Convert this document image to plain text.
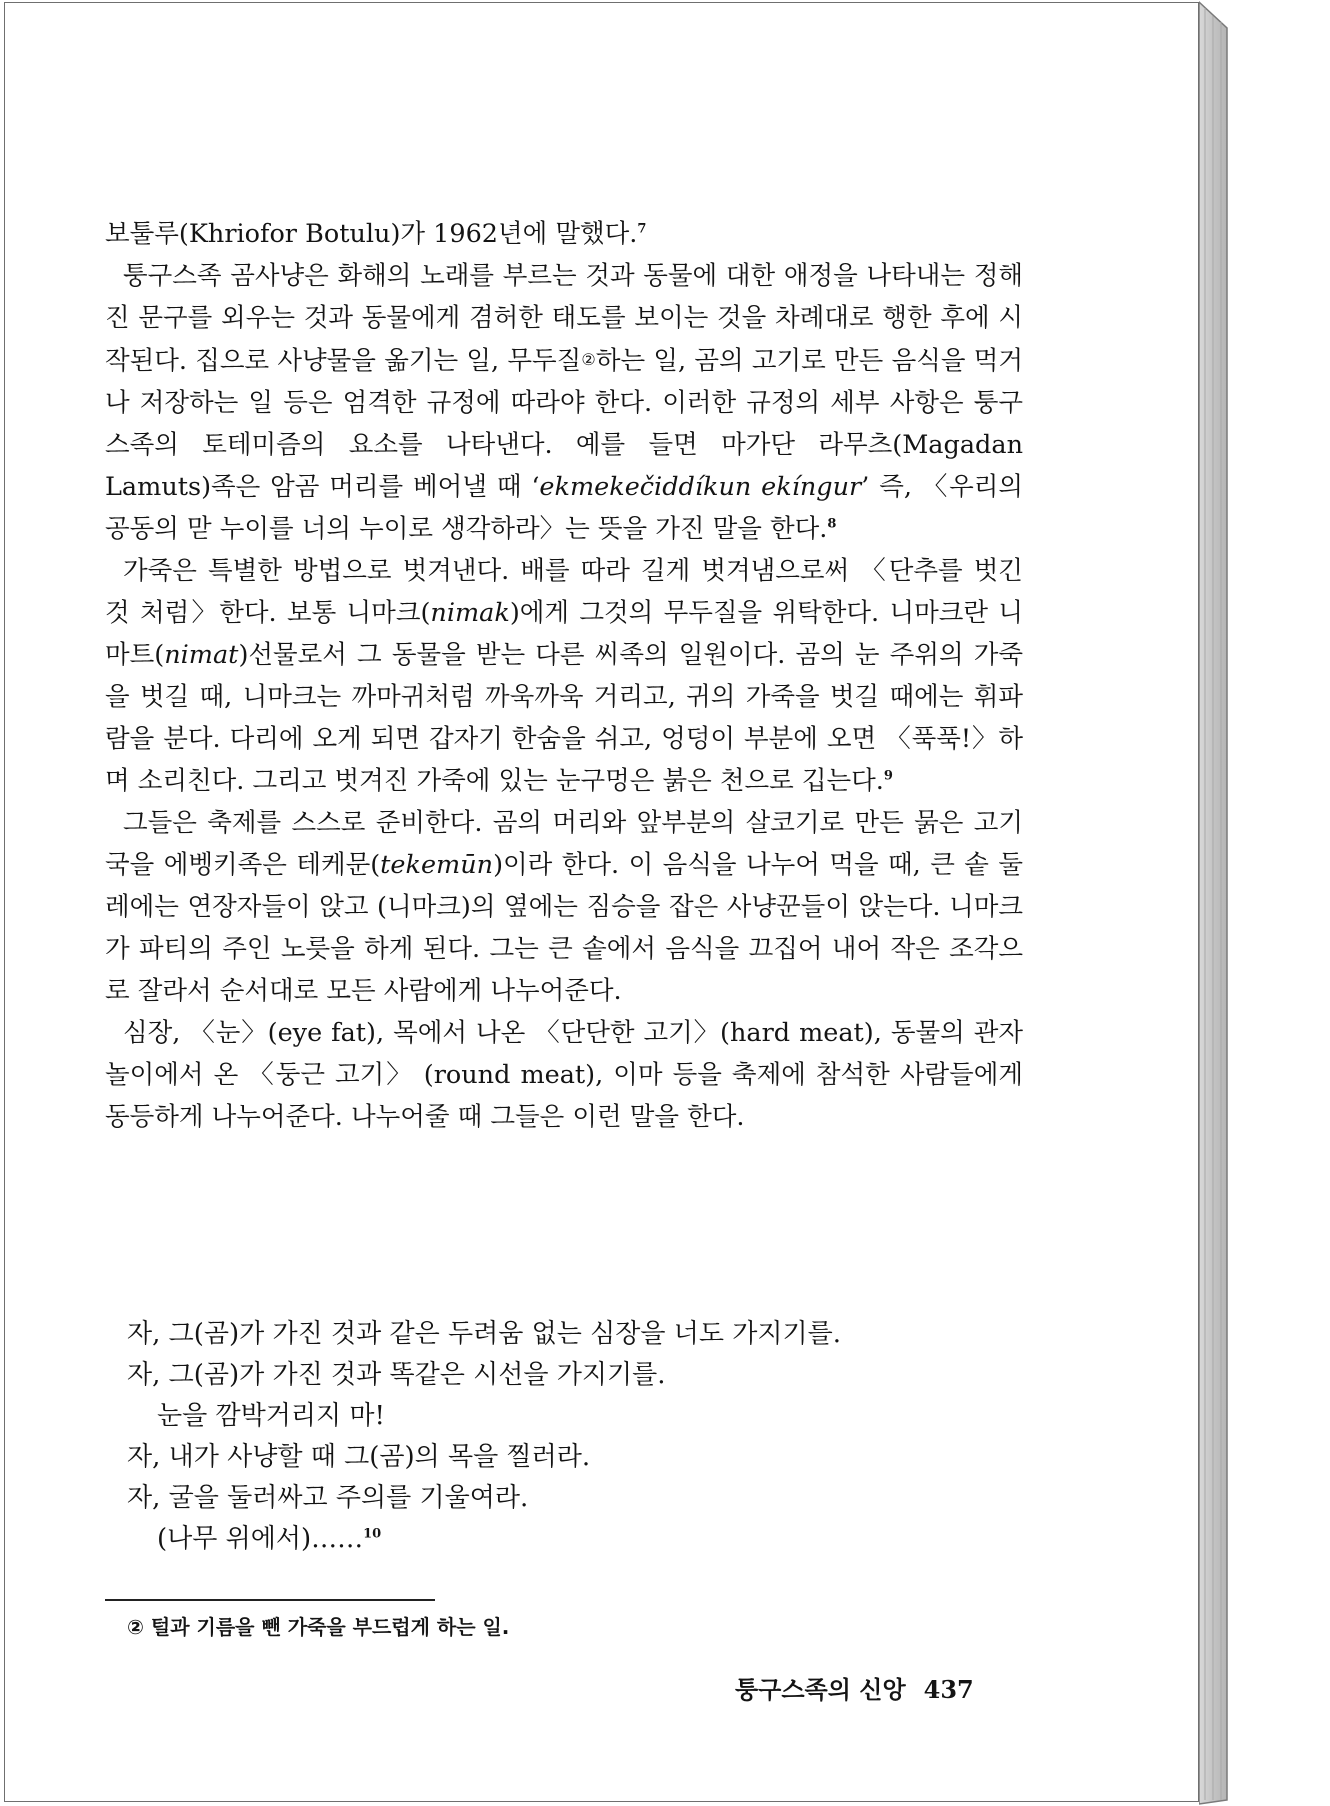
보툴루(Khriofor Botulu)가 1962년에 말했다.$^7$

퉁구스족 곰사냥은 화해의 노래를 부르는 것과 동물에 대한 애정을 나타내는 정해진 문구를 외우는 것과 동물에게 겸허한 태도를 보이는 것을 차례대로 행한 후에 시작된다. 집으로 사냥물을 옮기는 일, 무두질②하는 일, 곰의 고기로 만든 음식을 먹거나 저장하는 일 등은 엄격한 규정에 따라야 한다. 이러한 규정의 세부 사항은 퉁구스족의 토테미즘의 요소를 나타낸다. 예를 들면 마가단 라무츠(Magadan Lamuts)족은 암곰 머리를 베어낼 때 ‘ekmekečiddíkun ekíngur’ 즉, 〈우리의 공동의 맏 누이를 너의 누이로 생각하라〉는 뜻을 가진 말을 한다.$^8$

가죽은 특별한 방법으로 벗겨낸다. 배를 따라 길게 벗겨냄으로써 〈단추를 벗긴 것 처럼〉한다. 보통 니마크(nimak)에게 그것의 무두질을 위탁한다. 니마크란 니마트(nimat)선물로서 그 동물을 받는 다른 씨족의 일원이다. 곰의 눈 주위의 가죽을 벗길 때, 니마크는 까마귀처럼 까욱까욱 거리고, 귀의 가죽을 벗길 때에는 휘파람을 분다. 다리에 오게 되면 갑자기 한숨을 쉬고, 엉덩이 부분에 오면 〈푹푹!〉하며 소리친다. 그리고 벗겨진 가죽에 있는 눈구멍은 붉은 천으로 깁는다.$^9$

그들은 축제를 스스로 준비한다. 곰의 머리와 앞부분의 살코기로 만든 묽은 고기국을 에벵키족은 테케문(tekemūn)이라 한다. 이 음식을 나누어 먹을 때, 큰 솥 둘레에는 연장자들이 앉고 (니마크)의 옆에는 짐승을 잡은 사냥꾼들이 앉는다. 니마크가 파티의 주인 노릇을 하게 된다. 그는 큰 솥에서 음식을 끄집어 내어 작은 조각으로 잘라서 순서대로 모든 사람에게 나누어준다.

심장, 〈눈〉(eye fat), 목에서 나온 〈단단한 고기〉(hard meat), 동물의 관자놀이에서 온 〈둥근 고기〉 (round meat), 이마 등을 축제에 참석한 사람들에게 동등하게 나누어준다. 나누어줄 때 그들은 이런 말을 한다.

자, 그(곰)가 가진 것과 같은 두려움 없는 심장을 너도 가지기를.
자, 그(곰)가 가진 것과 똑같은 시선을 가지기를.
눈을 깜박거리지 마!
자, 내가 사냥할 때 그(곰)의 목을 찔러라.
자, 굴을 둘러싸고 주의를 기울여라.
(나무 위에서)……$^{10}$
② 털과 기름을 뺀 가죽을 부드럽게 하는 일.
퉁구스족의 신앙 437
